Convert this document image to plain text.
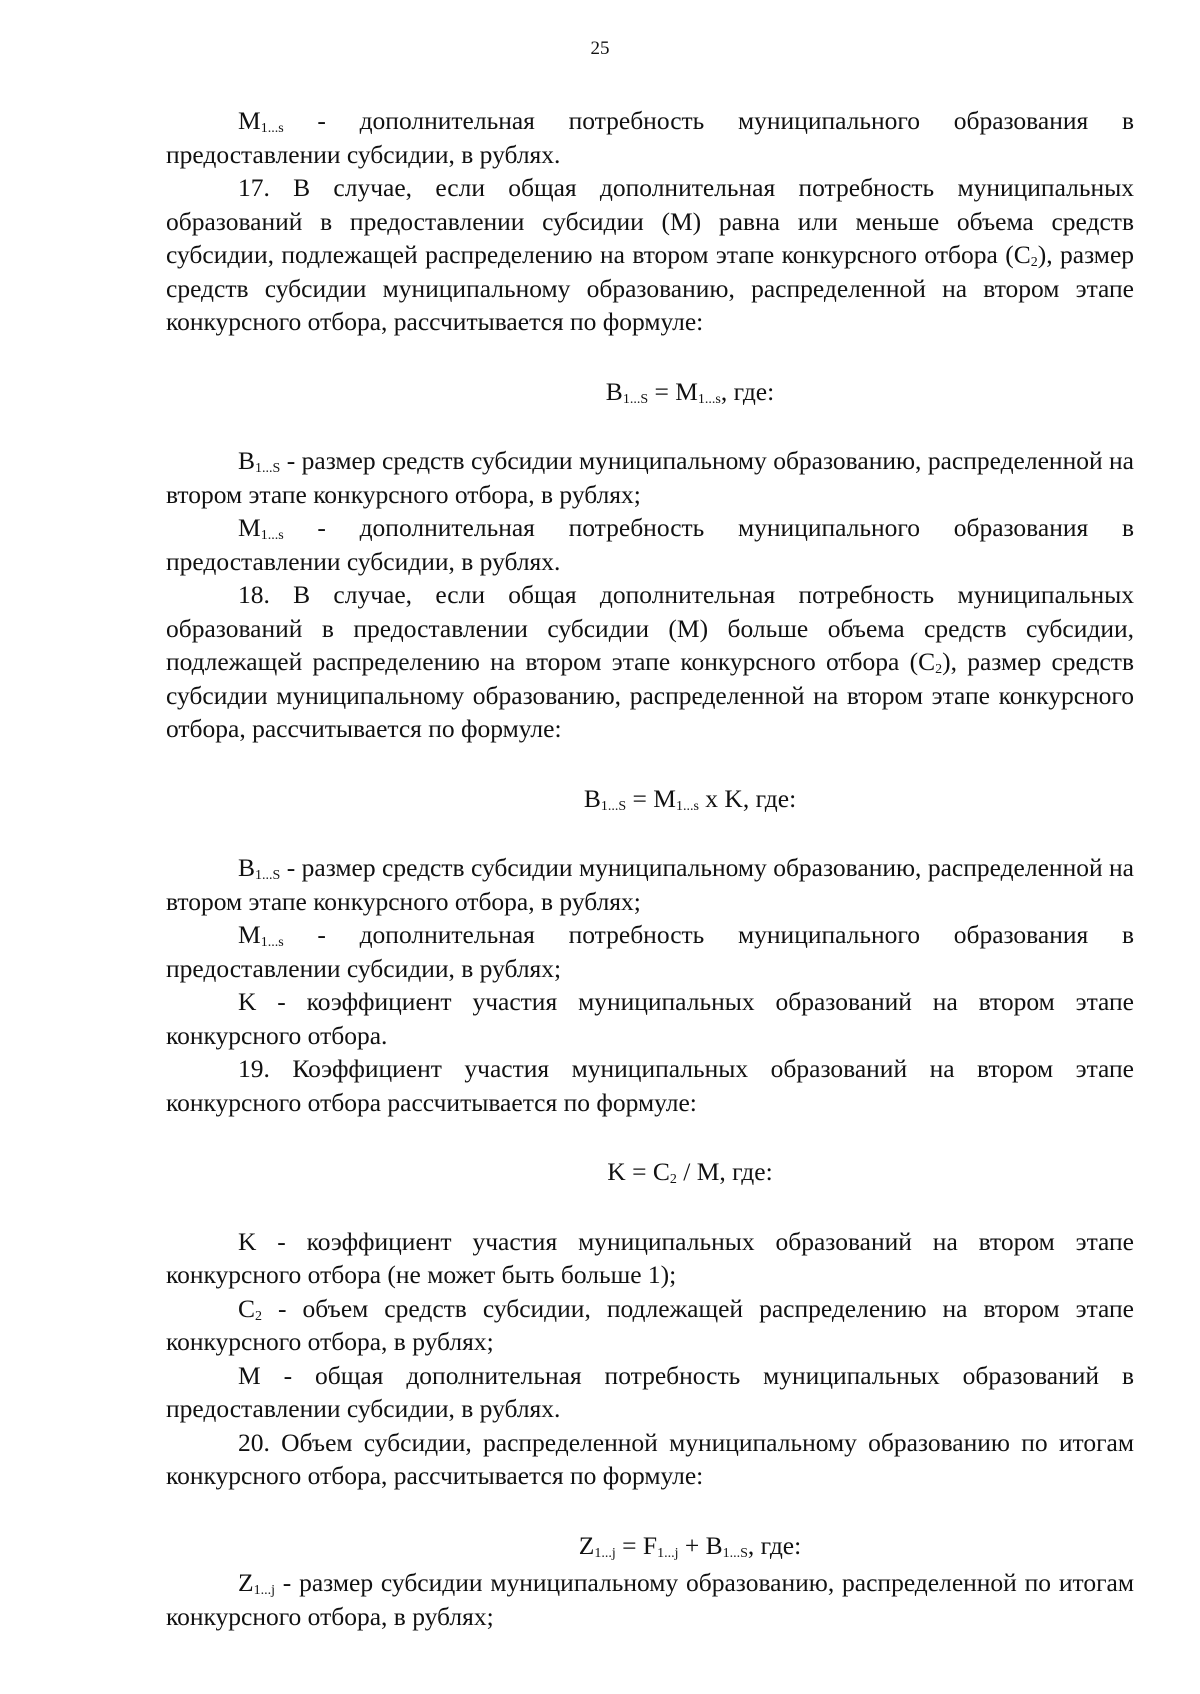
25

$M_{1...s}$ - дополнительная потребность муниципального образования в предоставлении субсидии, в рублях.

17. В случае, если общая дополнительная потребность муниципальных образований в предоставлении субсидии (М) равна или меньше объема средств субсидии, подлежащей распределению на втором этапе конкурсного отбора $(С_2)$, размер средств субсидии муниципальному образованию, распределенной на втором этапе конкурсного отбора, рассчитывается по формуле:

$B_{1...S} = M_{1...s}$, где:

$B_{1...S}$ - размер средств субсидии муниципальному образованию, распределенной на втором этапе конкурсного отбора, в рублях;

$M_{1...s}$ - дополнительная потребность муниципального образования в предоставлении субсидии, в рублях.

18. В случае, если общая дополнительная потребность муниципальных образований в предоставлении субсидии (М) больше объема средств субсидии, подлежащей распределению на втором этапе конкурсного отбора $(С_2)$, размер средств субсидии муниципальному образованию, распределенной на втором этапе конкурсного отбора, рассчитывается по формуле:

$B_{1...S} = M_{1...s}$ x K, где:

$B_{1...S}$ - размер средств субсидии муниципальному образованию, распределенной на втором этапе конкурсного отбора, в рублях;

$M_{1...s}$ - дополнительная потребность муниципального образования в предоставлении субсидии, в рублях;

K - коэффициент участия муниципальных образований на втором этапе конкурсного отбора.

19. Коэффициент участия муниципальных образований на втором этапе конкурсного отбора рассчитывается по формуле:

$K = C_2 / M$, где:

K - коэффициент участия муниципальных образований на втором этапе конкурсного отбора (не может быть больше 1);

$C_2$ - объем средств субсидии, подлежащей распределению на втором этапе конкурсного отбора, в рублях;

М - общая дополнительная потребность муниципальных образований в предоставлении субсидии, в рублях.

20. Объем субсидии, распределенной муниципальному образованию по итогам конкурсного отбора, рассчитывается по формуле:

$Z_{1...j} = F_{1...j} + B_{1...S}$, где:

$Z_{1...j}$ - размер субсидии муниципальному образованию, распределенной по итогам конкурсного отбора, в рублях;
